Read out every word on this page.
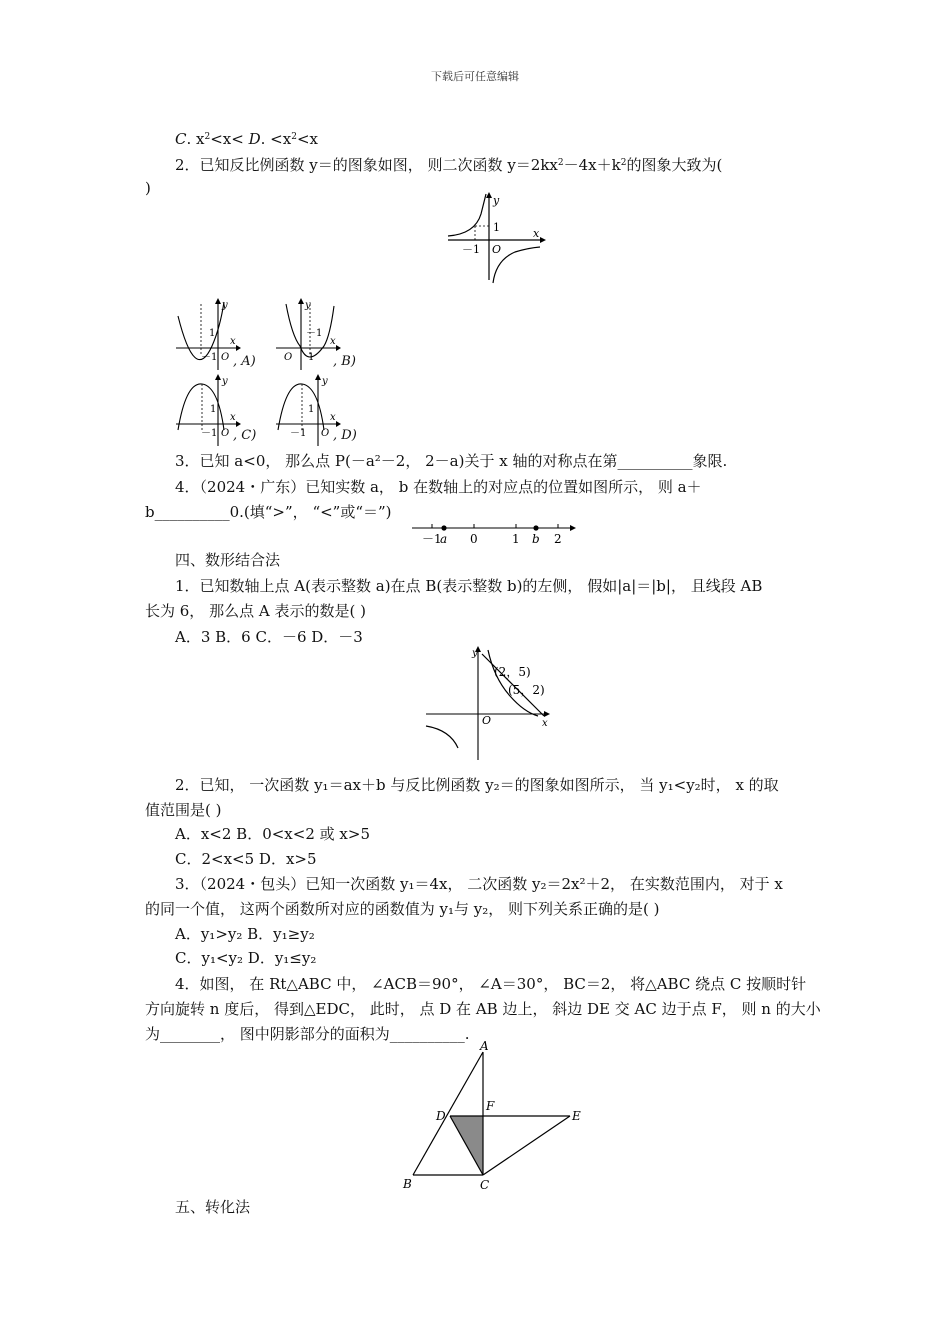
下载后可任意编辑
C. $x^2<x< D$. $<x^2<x$
2．已知反比例函数 y＝的图象如图， 则二次函数 $y=2kx^2-4x+k^2$的图象大致为(
)
x
y
1
－1 O
x
y
1
－1 O , A)
x
y
－1
O 1 , B)
x
y
1
－1 O , C)
x
y
1
－1 O , D)
3．已知 a<0， 那么点 P(－a²－2， 2－a)关于 x 轴的对称点在第__________象限.
4．（2024・广东）已知实数 a， b 在数轴上的对应点的位置如图所示， 则 a＋
b__________0.(填“>”， “<”或“＝”)
－1 0	1	2
a	b
四、数形结合法
1．已知数轴上点 A(表示整数 a)在点 B(表示整数 b)的左侧， 假如|a|＝|b|， 且线段 AB
长为 6， 那么点 A 表示的数是( )
A．3 B．6 C．－6 D．－3
y
x
O
(2，5)
(5，2)
2．已知， 一次函数 y₁＝ax＋b 与反比例函数 y₂＝的图象如图所示， 当 y₁<y₂时， x 的取
值范围是( )
A．x<2 B．0<x<2 或 x>5
C．2<x<5 D．x>5
3．（2024・包头）已知一次函数 y₁＝4x， 二次函数 y₂＝2x²＋2， 在实数范围内， 对于 x
的同一个值， 这两个函数所对应的函数值为 y₁与 y₂， 则下列关系正确的是( )
A．y₁>y₂ B．y₁≥y₂
C．y₁<y₂ D．y₁≤y₂
4．如图， 在 Rt△ABC 中， ∠ACB＝90°， ∠A＝30°， BC＝2， 将△ABC 绕点 C 按顺时针
方向旋转 n 度后， 得到△EDC， 此时， 点 D 在 AB 边上， 斜边 DE 交 AC 边于点 F， 则 n 的大小
为________， 图中阴影部分的面积为__________.
A
B	C
D	E
F
五、转化法
